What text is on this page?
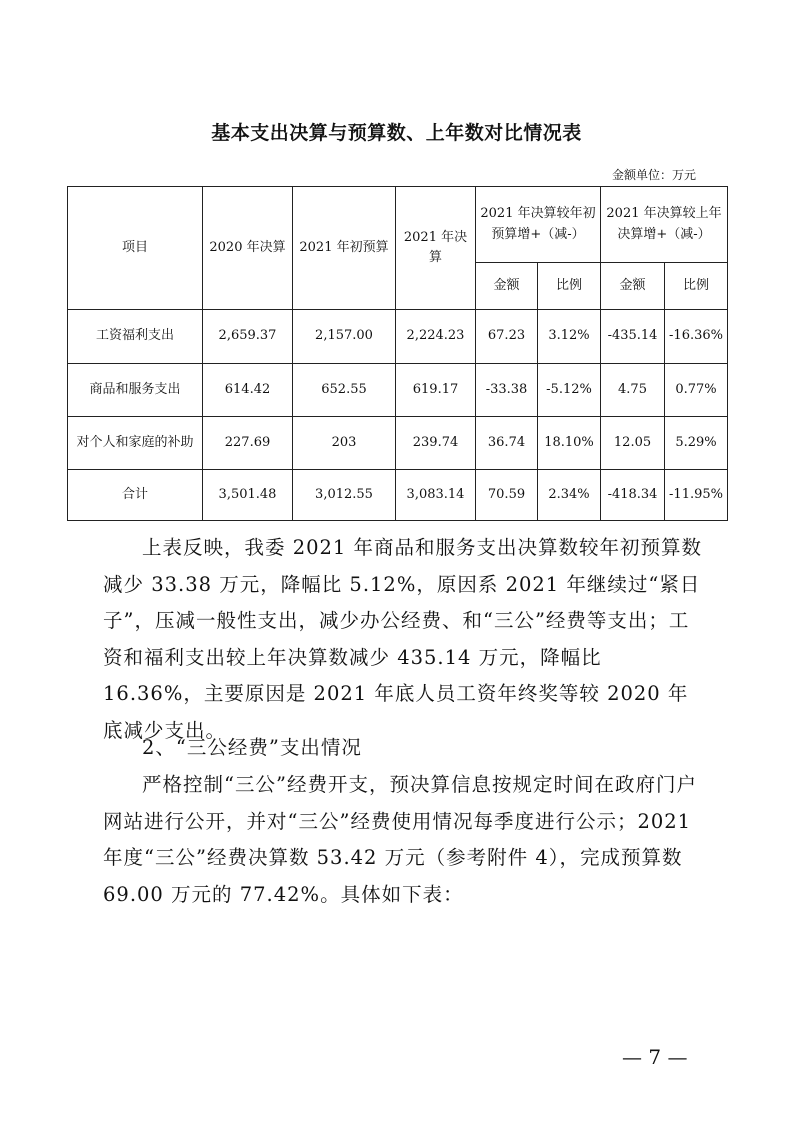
基本支出决算与预算数、上年数对比情况表
金额单位：万元
项目	2020 年决算	2021 年初预算	2021 年决算	2021 年决算较年初预算增+（减-）		2021 年决算较上年决算增+（减-）	
				金额	比例	金额	比例
工资福利支出	2,659.37	2,157.00	2,224.23	67.23	3.12%	-435.14	-16.36%
商品和服务支出	614.42	652.55	619.17	-33.38	-5.12%	4.75	0.77%
对个人和家庭的补助	227.69	203	239.74	36.74	18.10%	12.05	5.29%
合计	3,501.48	3,012.55	3,083.14	70.59	2.34%	-418.34	-11.95%

上表反映，我委 2021 年商品和服务支出决算数较年初预算数减少 33.38 万元，降幅比 5.12%，原因系 2021 年继续过“紧日子”，压减一般性支出，减少办公经费、和“三公”经费等支出；工资和福利支出较上年决算数减少 435.14 万元，降幅比 16.36%，主要原因是 2021 年底人员工资年终奖等较 2020 年底减少支出。

2、“三公经费”支出情况

严格控制“三公”经费开支，预决算信息按规定时间在政府门户网站进行公开，并对“三公”经费使用情况每季度进行公示；2021 年度“三公”经费决算数 53.42 万元（参考附件 4），完成预算数 69.00 万元的 77.42%。具体如下表：

— 7 —
